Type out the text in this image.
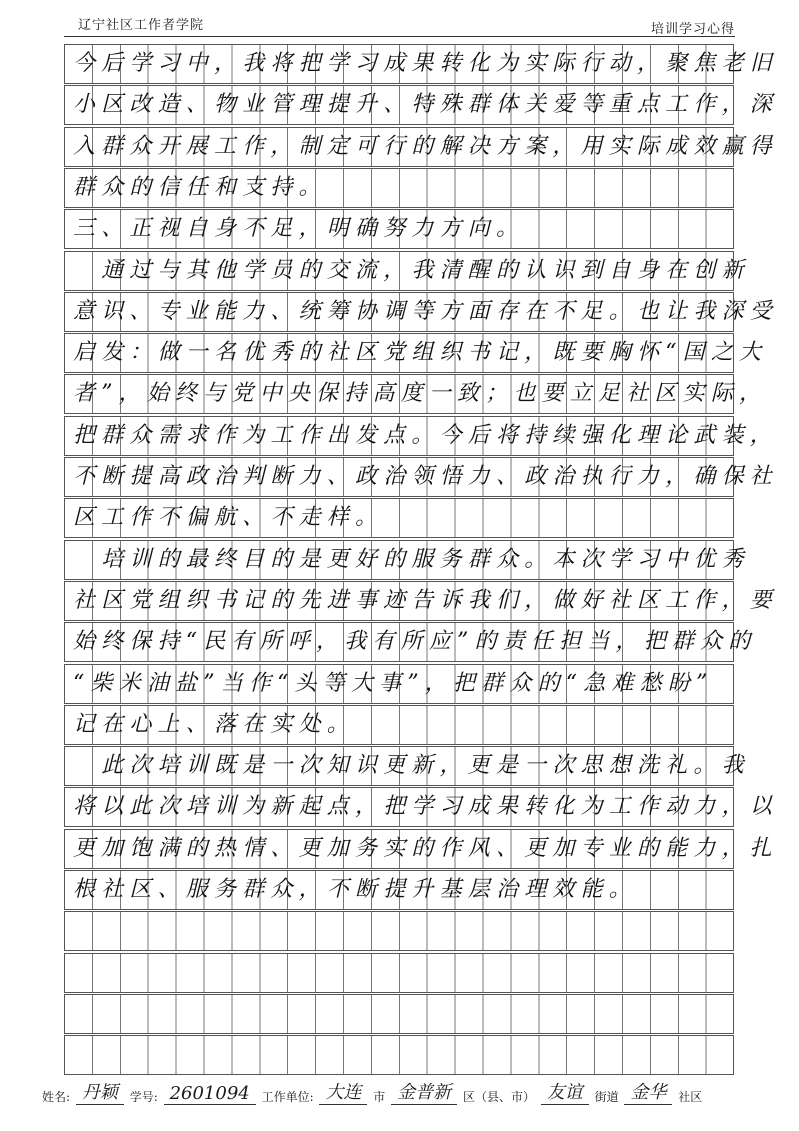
辽宁社区工作者学院	培训学习心得
今后学习中，我将把学习成果转化为实际行动，聚焦老旧
小区改造、物业管理提升、特殊群体关爱等重点工作，深
入群众开展工作，制定可行的解决方案，用实际成效赢得
群众的信任和支持。
三、正视自身不足，明确努力方向。
　通过与其他学员的交流，我清醒的认识到自身在创新
意识、专业能力、统筹协调等方面存在不足。也让我深受
启发：做一名优秀的社区党组织书记，既要胸怀“国之大
者”，始终与党中央保持高度一致；也要立足社区实际，
把群众需求作为工作出发点。今后将持续强化理论武装，
不断提高政治判断力、政治领悟力、政治执行力，确保社
区工作不偏航、不走样。
　培训的最终目的是更好的服务群众。本次学习中优秀
社区党组织书记的先进事迹告诉我们，做好社区工作，要
始终保持“民有所呼，我有所应”的责任担当，把群众的
“柴米油盐”当作“头等大事”，把群众的“急难愁盼”
记在心上、落在实处。
　此次培训既是一次知识更新，更是一次思想洗礼。我
将以此次培训为新起点，把学习成果转化为工作动力，以
更加饱满的热情、更加务实的作风、更加专业的能力，扎
根社区、服务群众，不断提升基层治理效能。
姓名: 丹颖 学号: 2601094 工作单位: 大连 市 金普新 区（县、市） 友谊 街道 金华 社区
